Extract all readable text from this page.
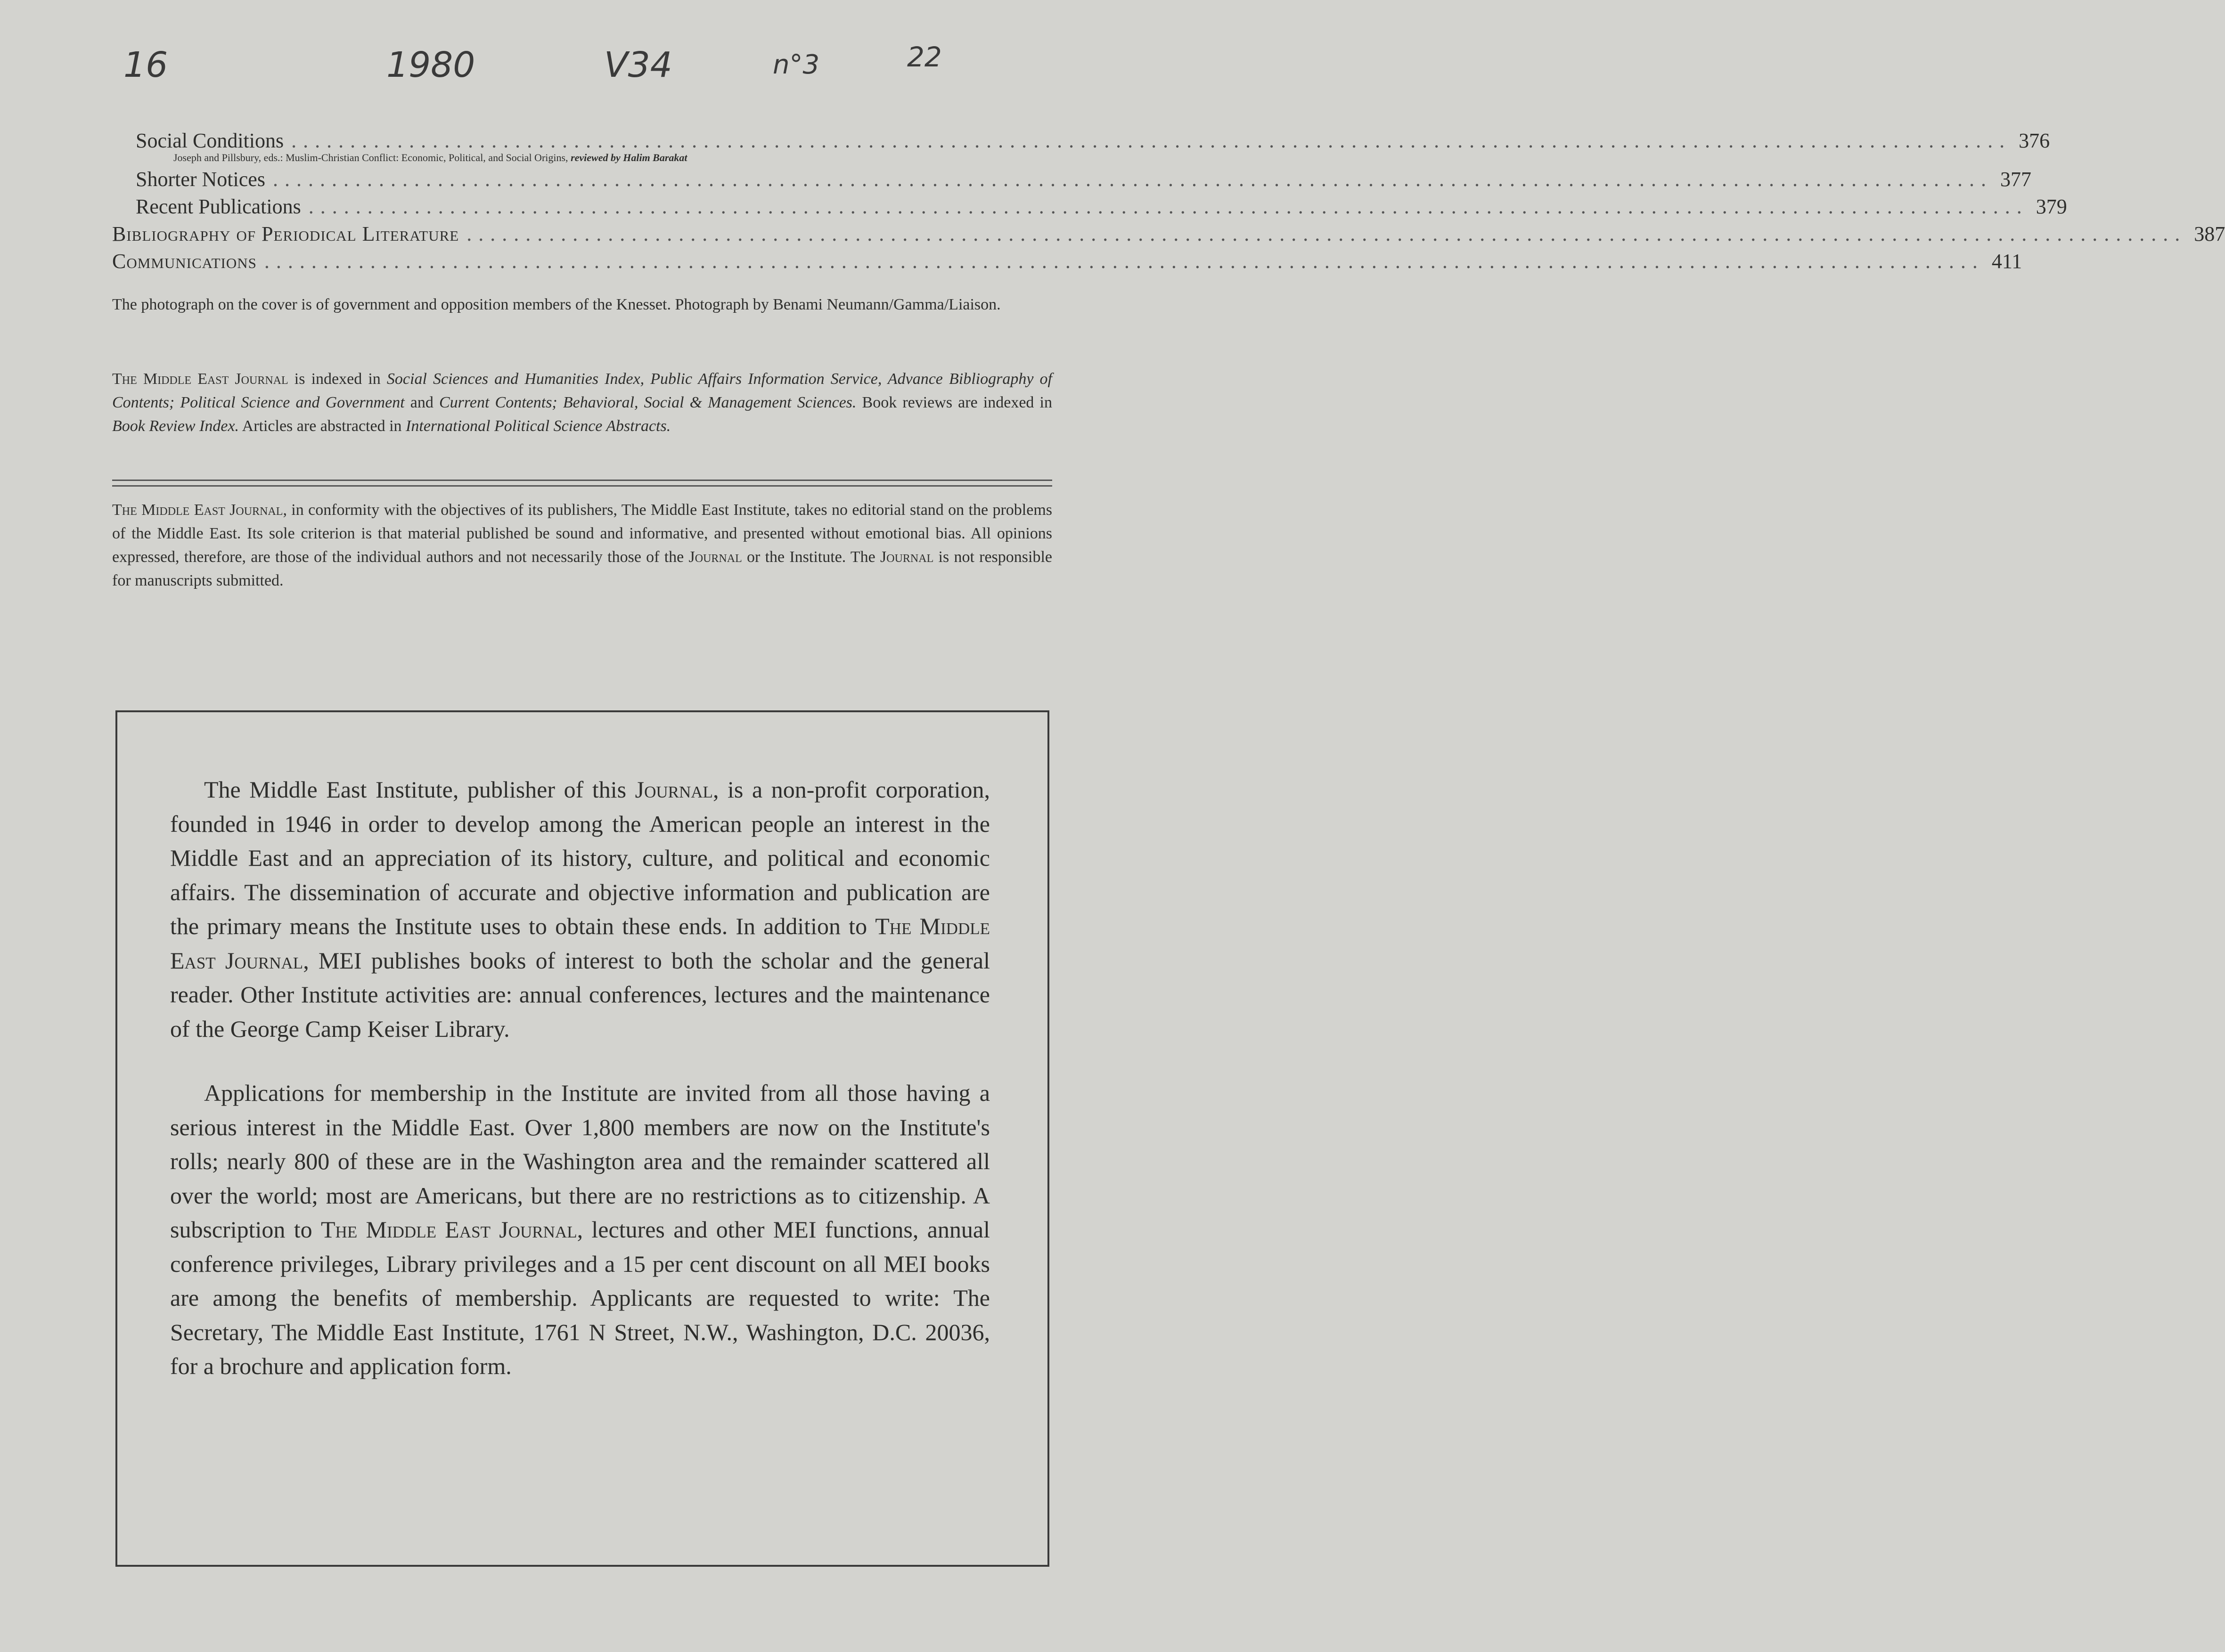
16	1980	V34	n°3	22
Social Conditions .................................................................................................................................................. 376
Joseph and Pillsbury, eds.: Muslim-Christian Conflict: Economic, Political, and Social Origins, reviewed by Halim Barakat
Shorter Notices .................................................................................................................................................. 377
Recent Publications .................................................................................................................................................. 379
Bibliography of Periodical Literature .................................................................................................................................................. 387
Communications .................................................................................................................................................. 411

The photograph on the cover is of government and opposition members of the Knesset. Photograph by Benami Neumann/Gamma/Liaison.

The Middle East Journal is indexed in Social Sciences and Humanities Index, Public Affairs Information Service, Advance Bibliography of Contents; Political Science and Government and Current Contents; Behavioral, Social & Management Sciences. Book reviews are indexed in Book Review Index. Articles are abstracted in International Political Science Abstracts.

The Middle East Journal, in conformity with the objectives of its publishers, The Middle East Institute, takes no editorial stand on the problems of the Middle East. Its sole criterion is that material published be sound and informative, and presented without emotional bias. All opinions expressed, therefore, are those of the individual authors and not necessarily those of the Journal or the Institute. The Journal is not responsible for manuscripts submitted.

The Middle East Institute, publisher of this Journal, is a non-profit corporation, founded in 1946 in order to develop among the American people an interest in the Middle East and an appreciation of its history, culture, and political and economic affairs. The dissemination of accurate and objective information and publication are the primary means the Institute uses to obtain these ends. In addition to The Middle East Journal, MEI publishes books of interest to both the scholar and the general reader. Other Institute activities are: annual conferences, lectures and the maintenance of the George Camp Keiser Library.

Applications for membership in the Institute are invited from all those having a serious interest in the Middle East. Over 1,800 members are now on the Institute's rolls; nearly 800 of these are in the Washington area and the remainder scattered all over the world; most are Americans, but there are no restrictions as to citizenship. A subscription to The Middle East Journal, lectures and other MEI functions, annual conference privileges, Library privileges and a 15 per cent discount on all MEI books are among the benefits of membership. Applicants are requested to write: The Secretary, The Middle East Institute, 1761 N Street, N.W., Washington, D.C. 20036, for a brochure and application form.
